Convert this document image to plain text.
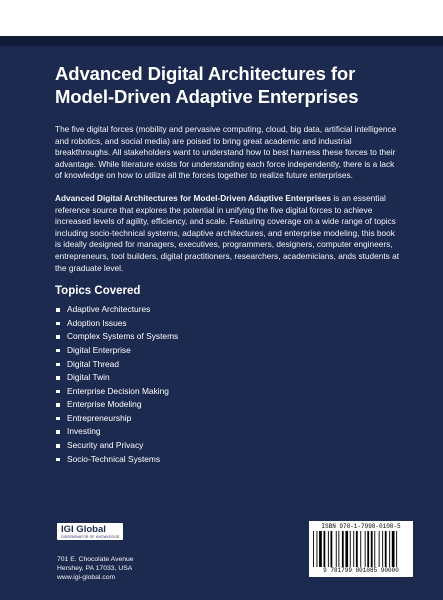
Advanced Digital Architectures for
Model-Driven Adaptive Enterprises

The five digital forces (mobility and pervasive computing, cloud, big data, artificial intelligence and robotics, and social media) are poised to bring great academic and industrial breakthroughs. All stakeholders want to understand how to best harness these forces to their advantage. While literature exists for understanding each force independently, there is a lack of knowledge on how to utilize all the forces together to realize future enterprises.

Advanced Digital Architectures for Model-Driven Adaptive Enterprises is an essential reference source that explores the potential in unifying the five digital forces to achieve increased levels of agility, efficiency, and scale. Featuring coverage on a wide range of topics including socio-technical systems, adaptive architectures, and enterprise modeling, this book is ideally designed for managers, executives, programmers, designers, computer engineers, entrepreneurs, tool builders, digital practitioners, researchers, academicians, ands students at the graduate level.

Topics Covered
Adaptive Architectures
Adoption Issues
Complex Systems of Systems
Digital Enterprise
Digital Thread
Digital Twin
Enterprise Decision Making
Enterprise Modeling
Entrepreneurship
Investing
Security and Privacy
Socio-Technical Systems
IGI Global
DISSEMINATOR OF KNOWLEDGE
701 E. Chocolate Avenue
Hershey, PA 17033, USA
www.igi-global.com
ISBN 978-1-7998-0108-5
9 781799 801085 90000
